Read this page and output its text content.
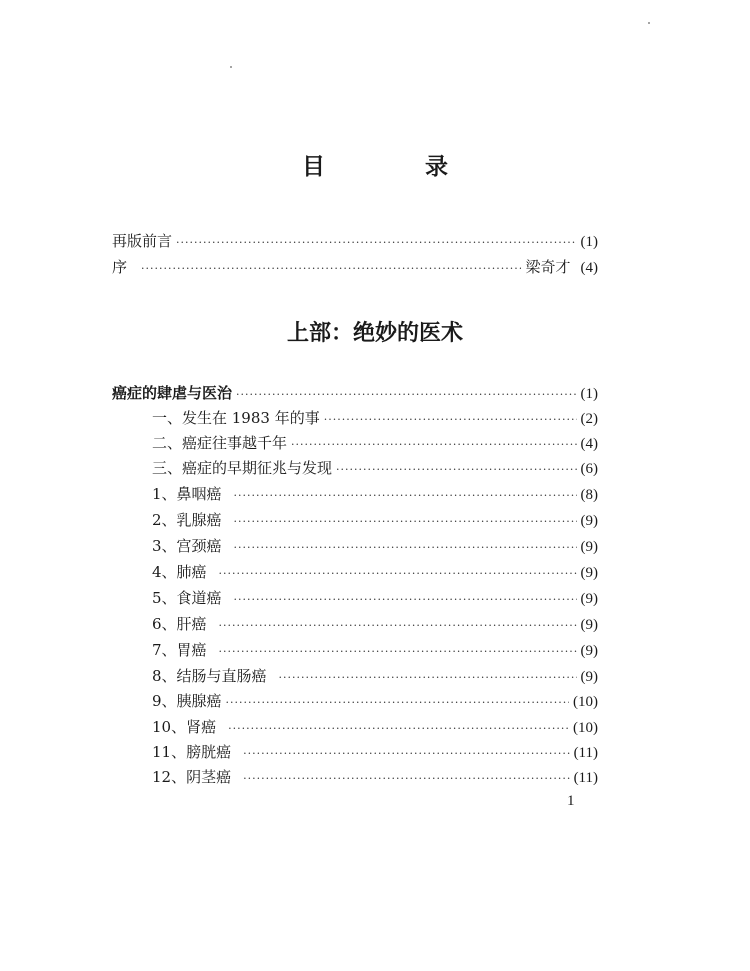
目	录
再版前言 ·····	(1)
序 ·····	梁奇才 (4)
上部：绝妙的医术
癌症的肆虐与医治 ·····	(1)
一、发生在 1983 年的事 ·····	(2)
二、癌症往事越千年 ·····	(4)
三、癌症的早期征兆与发现 ·····	(6)
1、鼻咽癌 ·····	(8)
2、乳腺癌 ·····	(9)
3、宫颈癌 ·····	(9)
4、肺癌 ·····	(9)
5、食道癌 ·····	(9)
6、肝癌 ·····	(9)
7、胃癌 ·····	(9)
8、结肠与直肠癌 ·····	(9)
9、胰腺癌 ·····	(10)
10、肾癌 ·····	(10)
11、膀胱癌 ·····	(11)
12、阴茎癌 ·····	(11)
1
